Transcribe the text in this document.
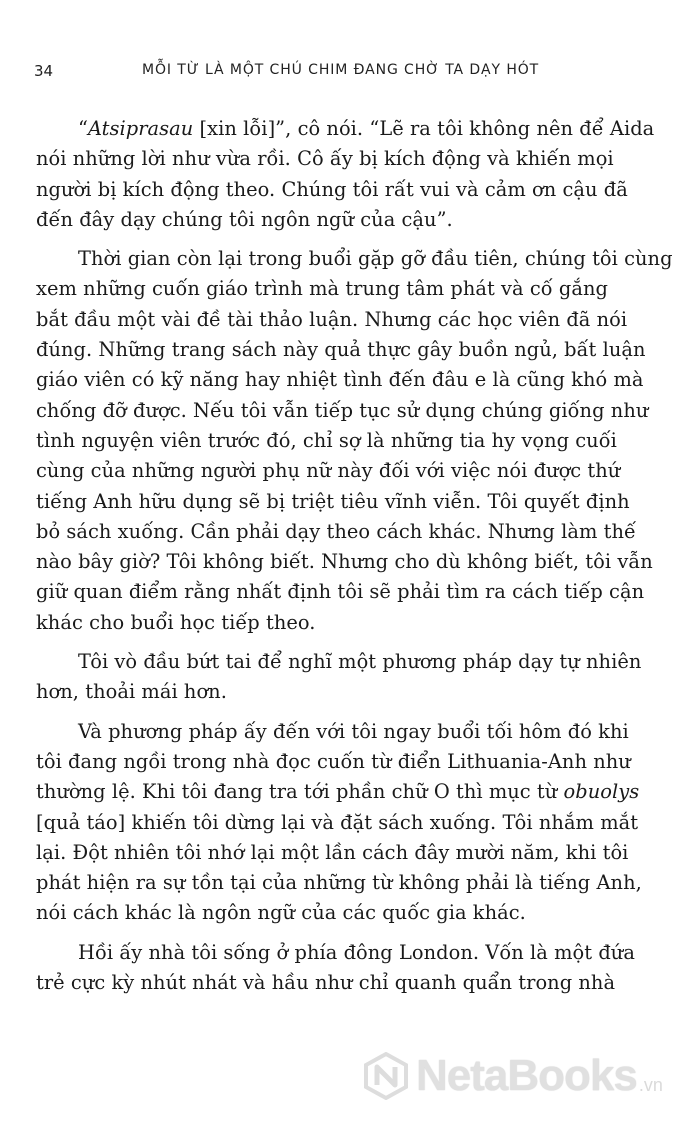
34	MỖI TỪ LÀ MỘT CHÚ CHIM ĐANG CHỜ TA DẠY HÓT
“Atsiprasau [xin lỗi]”, cô nói. “Lẽ ra tôi không nên để Aida
nói những lời như vừa rồi. Cô ấy bị kích động và khiến mọi
người bị kích động theo. Chúng tôi rất vui và cảm ơn cậu đã
đến đây dạy chúng tôi ngôn ngữ của cậu”.
Thời gian còn lại trong buổi gặp gỡ đầu tiên, chúng tôi cùng
xem những cuốn giáo trình mà trung tâm phát và cố gắng
bắt đầu một vài đề tài thảo luận. Nhưng các học viên đã nói
đúng. Những trang sách này quả thực gây buồn ngủ, bất luận
giáo viên có kỹ năng hay nhiệt tình đến đâu e là cũng khó mà
chống đỡ được. Nếu tôi vẫn tiếp tục sử dụng chúng giống như
tình nguyện viên trước đó, chỉ sợ là những tia hy vọng cuối
cùng của những người phụ nữ này đối với việc nói được thứ
tiếng Anh hữu dụng sẽ bị triệt tiêu vĩnh viễn. Tôi quyết định
bỏ sách xuống. Cần phải dạy theo cách khác. Nhưng làm thế
nào bây giờ? Tôi không biết. Nhưng cho dù không biết, tôi vẫn
giữ quan điểm rằng nhất định tôi sẽ phải tìm ra cách tiếp cận
khác cho buổi học tiếp theo.
Tôi vò đầu bứt tai để nghĩ một phương pháp dạy tự nhiên
hơn, thoải mái hơn.
Và phương pháp ấy đến với tôi ngay buổi tối hôm đó khi
tôi đang ngồi trong nhà đọc cuốn từ điển Lithuania-Anh như
thường lệ. Khi tôi đang tra tới phần chữ O thì mục từ obuolys
[quả táo] khiến tôi dừng lại và đặt sách xuống. Tôi nhắm mắt
lại. Đột nhiên tôi nhớ lại một lần cách đây mười năm, khi tôi
phát hiện ra sự tồn tại của những từ không phải là tiếng Anh,
nói cách khác là ngôn ngữ của các quốc gia khác.
Hồi ấy nhà tôi sống ở phía đông London. Vốn là một đứa
trẻ cực kỳ nhút nhát và hầu như chỉ quanh quẩn trong nhà
NetaBooks .vn
